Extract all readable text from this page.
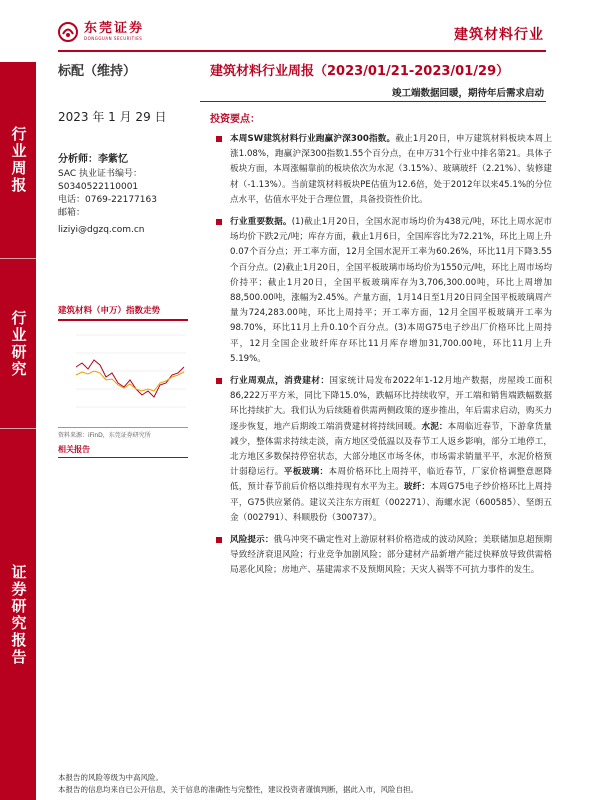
东莞证券
DONGGUAN SECURITIES	建筑材料行业
行业周报
行业研究
证券研究报告
标配（维持）	建筑材料行业周报（2023/01/21-2023/01/29）
竣工端数据回暖，期待年后需求启动
2023 年 1 月 29 日
分析师：李紫忆
SAC 执业证书编号：
S0340522110001
电话：0769-22177163
邮箱：
liziyi@dgzq.com.cn
建筑材料（申万）指数走势
资料来源：iFinD，东莞证券研究所
相关报告
投资要点：
本周SW建筑材料行业跑赢沪深300指数。截止1月20日，申万建筑材料板块本周上涨1.08%，跑赢沪深300指数1.55个百分点，在申万31个行业中排名第21。具体子板块方面，本周涨幅靠前的板块依次为水泥（3.15%）、玻璃玻纤（2.21%）、装修建材（-1.13%）。当前建筑材料板块PE估值为12.6倍，处于2012年以来45.1%的分位点水平，估值水平处于合理位置，具备投资性价比。
行业重要数据。(1)截止1月20日，全国水泥市场均价为438元/吨，环比上周水泥市场均价下跌2元/吨；库存方面，截止1月6日，全国库容比为72.21%，环比上周上升0.07个百分点；开工率方面，12月全国水泥开工率为60.26%，环比11月下降3.55个百分点。(2)截止1月20日，全国平板玻璃市场均价为1550元/吨，环比上周市场均价持平；截止1月20日，全国平板玻璃库存为3,706,300.00吨，环比上周增加88,500.00吨，涨幅为2.45%。产量方面，1月14日至1月20日同全国平板玻璃周产量为724,283.00吨，环比上周持平；开工率方面，12月全国平板玻璃开工率为98.70%，环比11月上升0.10个百分点。(3)本周G75电子纱出厂价格环比上周持平，12月全国企业玻纤库存环比11月库存增加31,700.00吨，环比11月上升5.19%。
行业周观点，消费建材：国家统计局发布2022年1-12月地产数据，房屋竣工面积86,222万平方米，同比下降15.0%，跌幅环比持续收窄，开工端和销售端跌幅数据环比持续扩大。我们认为后续随着供需两侧政策的逐步推出，年后需求启动，购买力逐步恢复，地产后期竣工端消费建材将持续回暖。水泥：本周临近春节，下游拿货量减少，整体需求持续走淡，南方地区受低温以及春节工人返乡影响，部分工地停工，北方地区多数保持停窑状态，大部分地区市场冬休，市场需求销量平平，水泥价格预计弱稳运行。平板玻璃：本周价格环比上周持平，临近春节，厂家价格调整意愿降低，预计春节前后价格以维持现有水平为主。玻纤：本周G75电子纱价格环比上周持平，G75供应紧俏。建议关注东方雨虹（002271）、海螺水泥（600585）、坚朗五金（002791）、科顺股份（300737）。
风险提示：俄乌冲突不确定性对上游原材料价格造成的波动风险；美联储加息超预期导致经济衰退风险；行业竞争加剧风险；部分建材产品新增产能过快释放导致供需格局恶化风险；房地产、基建需求不及预期风险；天灾人祸等不可抗力事件的发生。
本报告的风险等级为中高风险。
本报告的信息均来自已公开信息，关于信息的准确性与完整性，建议投资者谨慎判断，据此入市，风险自担。
